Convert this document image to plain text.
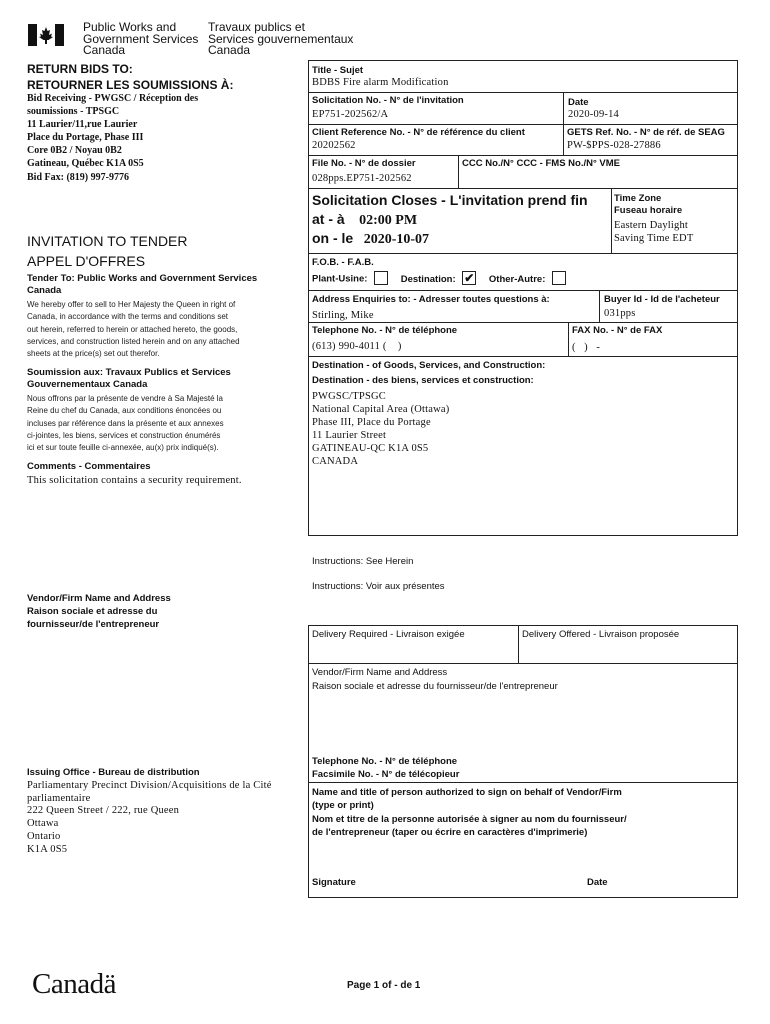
Public Works and
Government Services
Canada
Travaux publics et
Services gouvernementaux
Canada
RETURN BIDS TO:
RETOURNER LES SOUMISSIONS À:
Bid Receiving - PWGSC / Réception des
soumissions - TPSGC
11 Laurier/11,rue Laurier
Place du Portage, Phase III
Core 0B2 / Noyau 0B2
Gatineau, Québec K1A 0S5
Bid Fax: (819) 997-9776
INVITATION TO TENDER
APPEL D'OFFRES
Tender To: Public Works and Government Services
Canada
We hereby offer to sell to Her Majesty the Queen in right of
Canada, in accordance with the terms and conditions set
out herein, referred to herein or attached hereto, the goods,
services, and construction listed herein and on any attached
sheets at the price(s) set out therefor.
Soumission aux: Travaux Publics et Services
Gouvernementaux Canada
Nous offrons par la présente de vendre à Sa Majesté la
Reine du chef du Canada, aux conditions énoncées ou
incluses par référence dans la présente et aux annexes
ci-jointes, les biens, services et construction énumérés
ici et sur toute feuille ci-annexée, au(x) prix indiqué(s).
Comments - Commentaires
This solicitation contains a security requirement.
Vendor/Firm Name and Address
Raison sociale et adresse du
fournisseur/de l'entrepreneur
Issuing Office - Bureau de distribution
Parliamentary Precinct Division/Acquisitions de la Cité
parliamentaire
222 Queen Street / 222, rue Queen
Ottawa
Ontario
K1A 0S5
Title - Sujet
BDBS Fire alarm Modification
Solicitation No. - N° de l'invitation
EP751-202562/A
Date
2020-09-14
Client Reference No. - N° de référence du client
20202562
GETS Ref. No. - N° de réf. de SEAG
PW-$PPS-028-27886
File No. - N° de dossier
028pps.EP751-202562
CCC No./N° CCC - FMS No./N° VME
Solicitation Closes - L'invitation prend fin
at - à 02:00 PM
on - le 2020-10-07
Time Zone
Fuseau horaire
Eastern Daylight
Saving Time EDT
F.O.B. - F.A.B.
Plant-Usine:	Destination: ✔ Other-Autre:
Address Enquiries to: - Adresser toutes questions à:
Stirling, Mike
Buyer Id - Id de l'acheteur
031pps
Telephone No. - N° de téléphone
(613) 990-4011 (    )
FAX No. - N° de FAX
(   )   -
Destination - of Goods, Services, and Construction:
Destination - des biens, services et construction:
PWGSC/TPSGC
National Capital Area (Ottawa)
Phase III, Place du Portage
11 Laurier Street
GATINEAU-QC K1A 0S5
CANADA
Instructions: See Herein
Instructions: Voir aux présentes
Delivery Required - Livraison exigée	Delivery Offered - Livraison proposée
Vendor/Firm Name and Address
Raison sociale et adresse du fournisseur/de l'entrepreneur
Telephone No. - N° de téléphone
Facsimile No. - N° de télécopieur
Name and title of person authorized to sign on behalf of Vendor/Firm
(type or print)
Nom et titre de la personne autorisée à signer au nom du fournisseur/
de l'entrepreneur (taper ou écrire en caractères d'imprimerie)
Signature	Date
Canadä	Page 1 of - de 1
